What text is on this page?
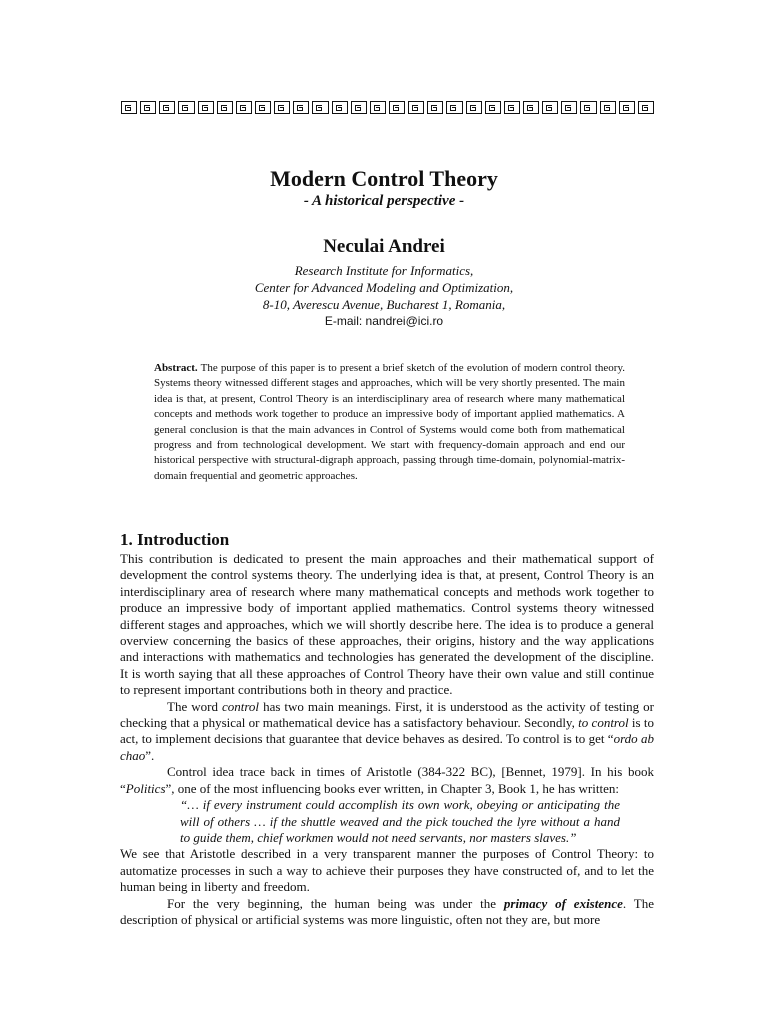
Modern Control Theory
- A historical perspective -
Neculai Andrei
Research Institute for Informatics,
Center for Advanced Modeling and Optimization,
8-10, Averescu Avenue, Bucharest 1, Romania,
E-mail: nandrei@ici.ro
Abstract. The purpose of this paper is to present a brief sketch of the evolution of modern control theory. Systems theory witnessed different stages and approaches, which will be very shortly presented. The main idea is that, at present, Control Theory is an interdisciplinary area of research where many mathematical concepts and methods work together to produce an impressive body of important applied mathematics. A general conclusion is that the main advances in Control of Systems would come both from mathematical progress and from technological development. We start with frequency-domain approach and end our historical perspective with structural-digraph approach, passing through time-domain, polynomial-matrix-domain frequential and geometric approaches.
1. Introduction

This contribution is dedicated to present the main approaches and their mathematical support of development the control systems theory. The underlying idea is that, at present, Control Theory is an interdisciplinary area of research where many mathematical concepts and methods work together to produce an impressive body of important applied mathematics. Control systems theory witnessed different stages and approaches, which we will shortly describe here. The idea is to produce a general overview concerning the basics of these approaches, their origins, history and the way applications and interactions with mathematics and technologies has generated the development of the discipline. It is worth saying that all these approaches of Control Theory have their own value and still continue to represent important contributions both in theory and practice.

The word control has two main meanings. First, it is understood as the activity of testing or checking that a physical or mathematical device has a satisfactory behaviour. Secondly, to control is to act, to implement decisions that guarantee that device behaves as desired. To control is to get “ordo ab chao”.

Control idea trace back in times of Aristotle (384-322 BC), [Bennet, 1979]. In his book “Politics”, one of the most influencing books ever written, in Chapter 3, Book 1, he has written:

“… if every instrument could accomplish its own work, obeying or anticipating the will of others … if the shuttle weaved and the pick touched the lyre without a hand to guide them, chief workmen would not need servants, nor masters slaves.”

We see that Aristotle described in a very transparent manner the purposes of Control Theory: to automatize processes in such a way to achieve their purposes they have constructed of, and to let the human being in liberty and freedom.

For the very beginning, the human being was under the primacy of existence. The description of physical or artificial systems was more linguistic, often not they are, but more
